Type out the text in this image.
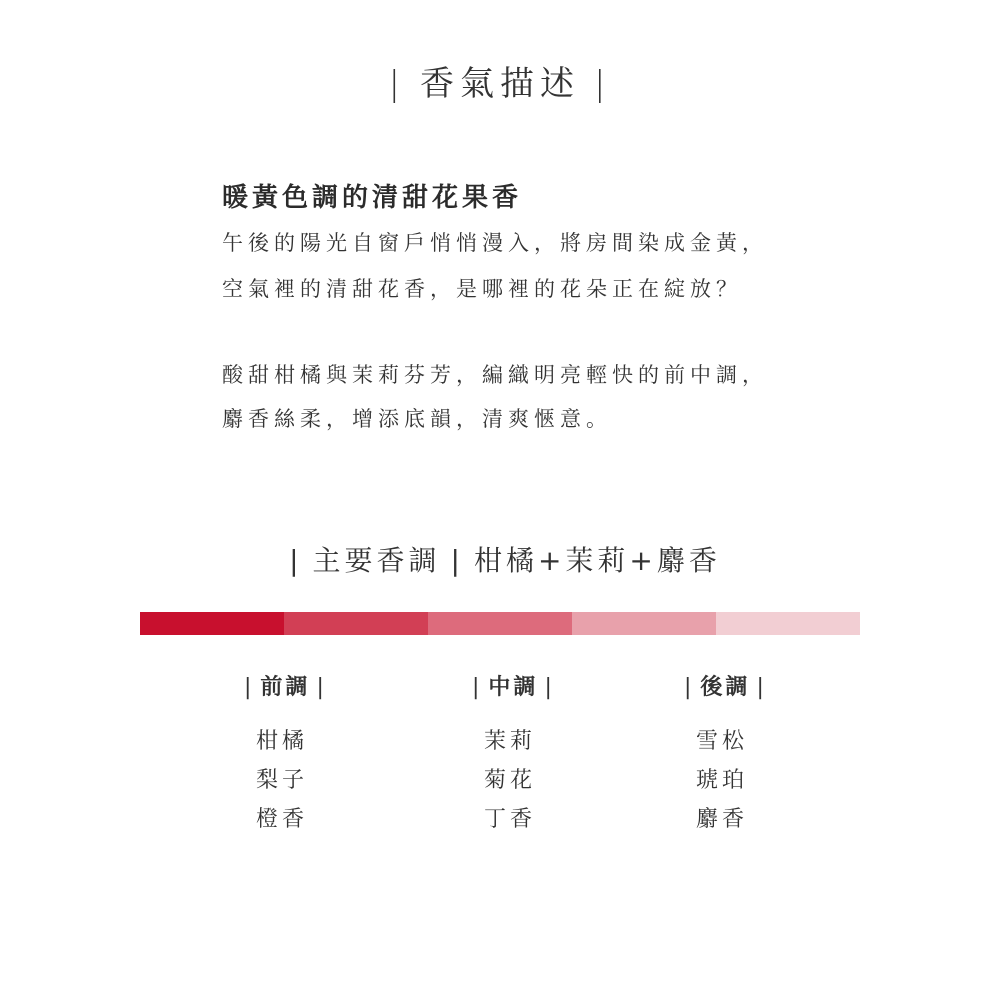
| 香氣描述 |
暖黃色調的清甜花果香
午後的陽光自窗戶悄悄漫入，將房間染成金黃，
空氣裡的清甜花香，是哪裡的花朵正在綻放？
酸甜柑橘與茉莉芬芳，編織明亮輕快的前中調，
麝香絲柔，增添底韻，清爽愜意。
| 主要香調 | 柑橘+茉莉+麝香
| 前調 |
柑橘
梨子
橙香
| 中調 |
茉莉
菊花
丁香
| 後調 |
雪松
琥珀
麝香
